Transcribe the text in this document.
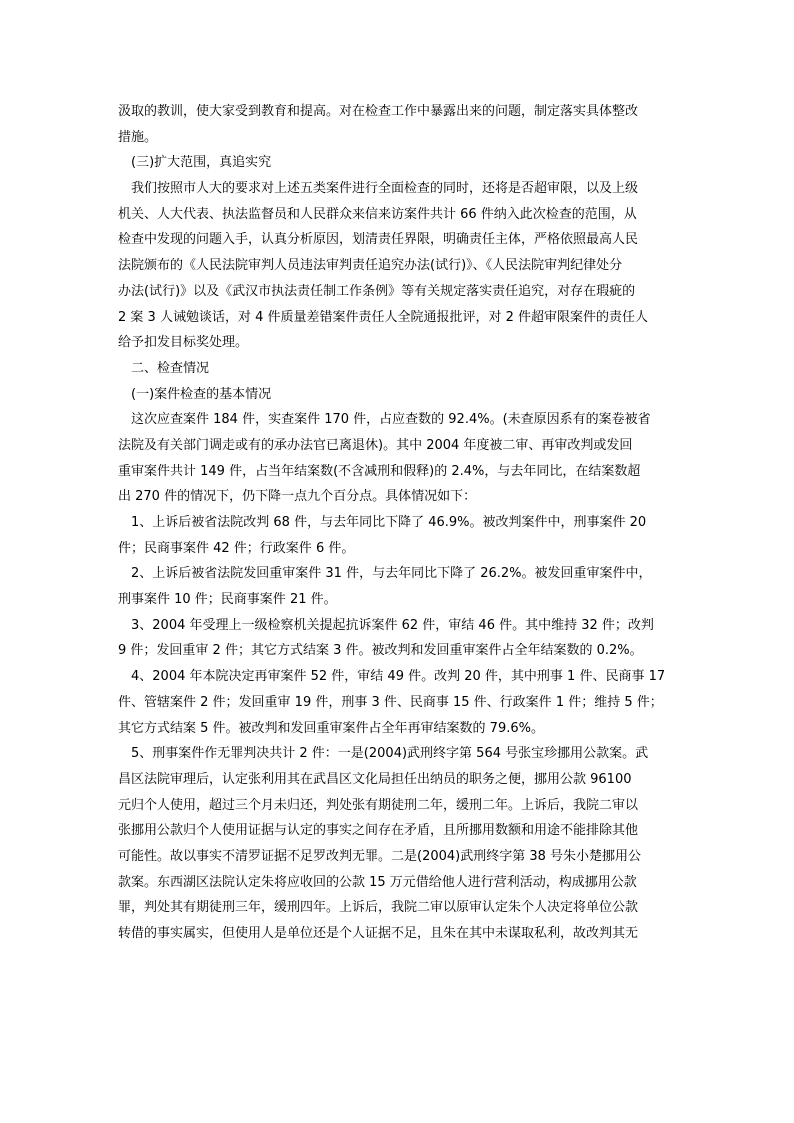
汲取的教训，使大家受到教育和提高。对在检查工作中暴露出来的问题，制定落实具体整改
措施。
(三)扩大范围，真追实究
我们按照市人大的要求对上述五类案件进行全面检查的同时，还将是否超审限，以及上级
机关、人大代表、执法监督员和人民群众来信来访案件共计 66 件纳入此次检查的范围，从
检查中发现的问题入手，认真分析原因，划清责任界限，明确责任主体，严格依照最高人民
法院颁布的《人民法院审判人员违法审判责任追究办法(试行)》、《人民法院审判纪律处分
办法(试行)》以及《武汉市执法责任制工作条例》等有关规定落实责任追究，对存在瑕疵的
2 案 3 人诫勉谈话，对 4 件质量差错案件责任人全院通报批评，对 2 件超审限案件的责任人
给予扣发目标奖处理。
二、检查情况
(一)案件检查的基本情况
这次应查案件 184 件，实查案件 170 件，占应查数的 92.4%。(未查原因系有的案卷被省
法院及有关部门调走或有的承办法官已离退休)。其中 2004 年度被二审、再审改判或发回
重审案件共计 149 件，占当年结案数(不含减刑和假释)的 2.4%，与去年同比，在结案数超
出 270 件的情况下，仍下降一点九个百分点。具体情况如下：
1、上诉后被省法院改判 68 件，与去年同比下降了 46.9%。被改判案件中，刑事案件 20
件；民商事案件 42 件；行政案件 6 件。
2、上诉后被省法院发回重审案件 31 件，与去年同比下降了 26.2%。被发回重审案件中，
刑事案件 10 件；民商事案件 21 件。
3、2004 年受理上一级检察机关提起抗诉案件 62 件，审结 46 件。其中维持 32 件；改判
9 件；发回重审 2 件；其它方式结案 3 件。被改判和发回重审案件占全年结案数的 0.2%。
4、2004 年本院决定再审案件 52 件，审结 49 件。改判 20 件，其中刑事 1 件、民商事 17
件、管辖案件 2 件；发回重审 19 件，刑事 3 件、民商事 15 件、行政案件 1 件；维持 5 件；
其它方式结案 5 件。被改判和发回重审案件占全年再审结案数的 79.6%。
5、刑事案件作无罪判决共计 2 件：一是(2004)武刑终字第 564 号张宝珍挪用公款案。武
昌区法院审理后，认定张利用其在武昌区文化局担任出纳员的职务之便，挪用公款 96100
元归个人使用，超过三个月未归还，判处张有期徒刑二年，缓刑二年。上诉后，我院二审以
张挪用公款归个人使用证据与认定的事实之间存在矛盾，且所挪用数额和用途不能排除其他
可能性。故以事实不清罗证据不足罗改判无罪。二是(2004)武刑终字第 38 号朱小楚挪用公
款案。东西湖区法院认定朱将应收回的公款 15 万元借给他人进行营利活动，构成挪用公款
罪，判处其有期徒刑三年，缓刑四年。上诉后，我院二审以原审认定朱个人决定将单位公款
转借的事实属实，但使用人是单位还是个人证据不足，且朱在其中未谋取私利，故改判其无
